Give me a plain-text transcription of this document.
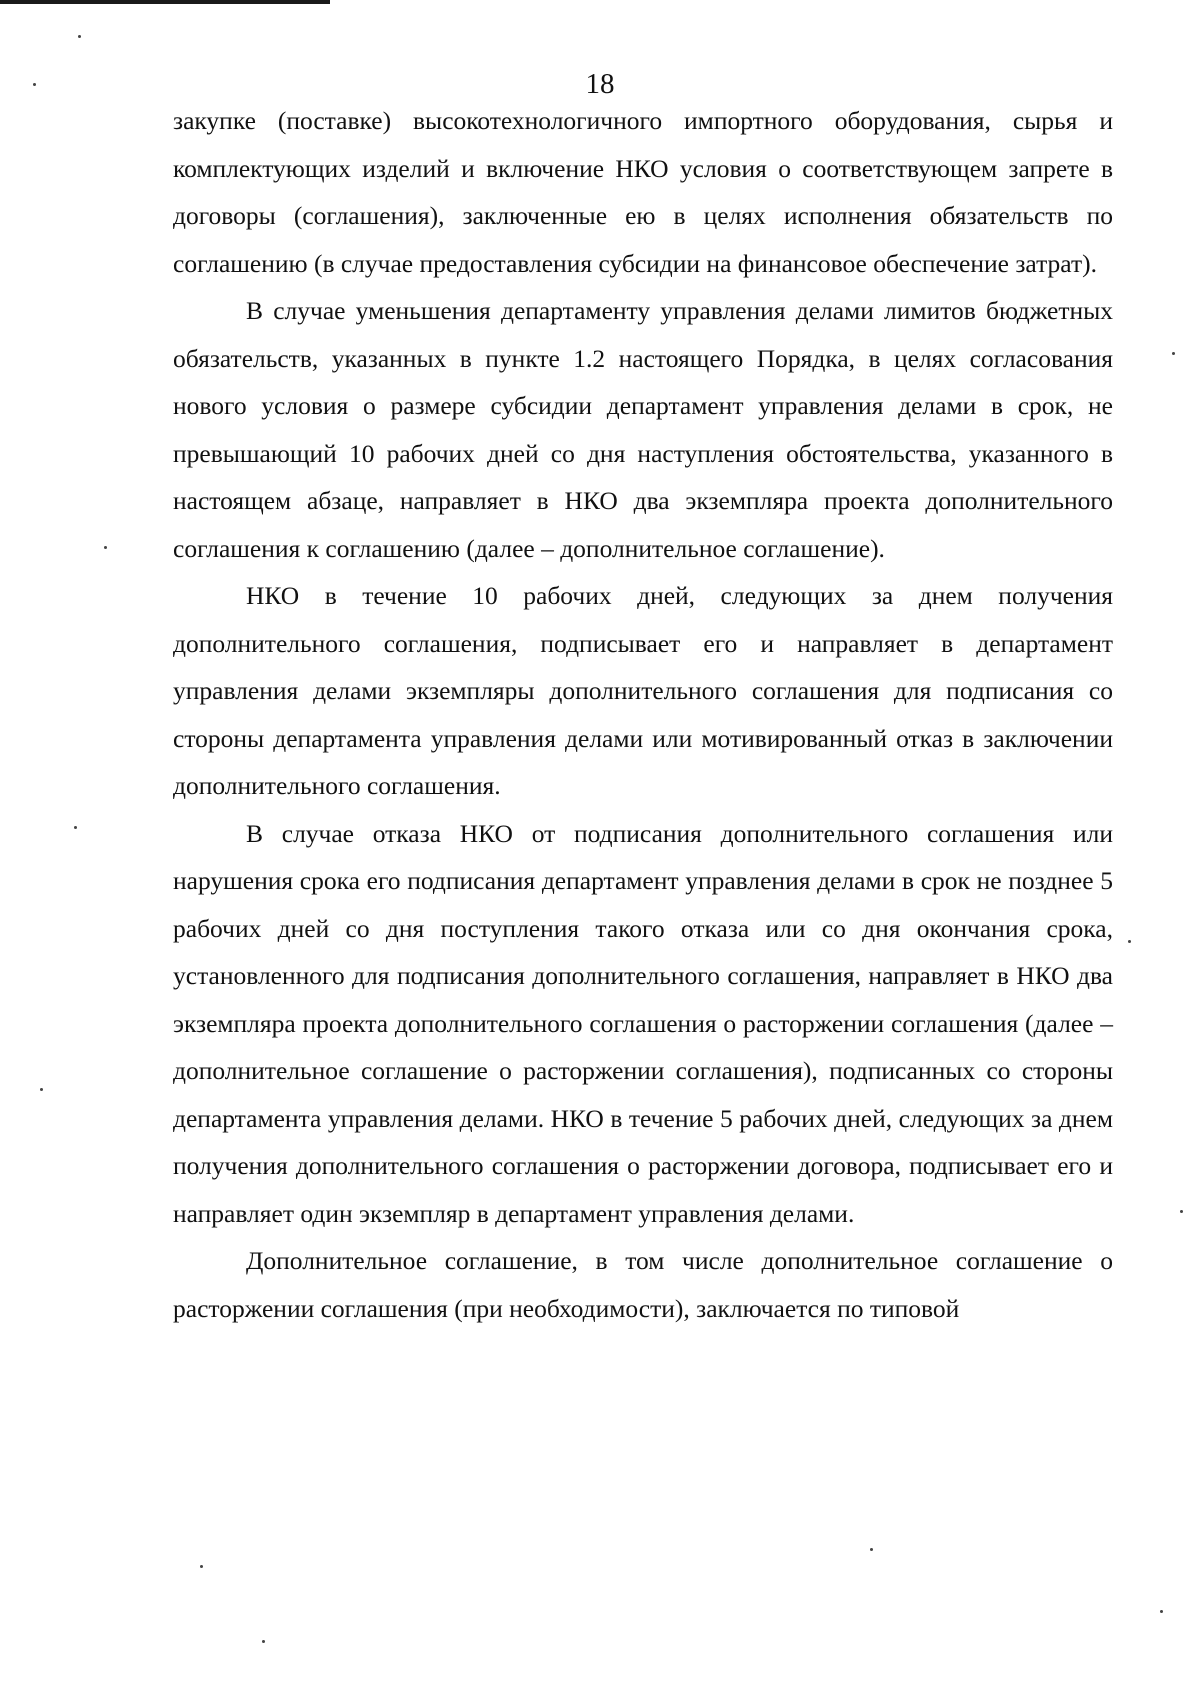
18

закупке (поставке) высокотехнологичного импортного оборудования, сырья и комплектующих изделий и включение НКО условия о соответствующем запрете в договоры (соглашения), заключенные ею в целях исполнения обязательств по соглашению (в случае предоставления субсидии на финансовое обеспечение затрат).

В случае уменьшения департаменту управления делами лимитов бюджетных обязательств, указанных в пункте 1.2 настоящего Порядка, в целях согласования нового условия о размере субсидии департамент управления делами в срок, не превышающий 10 рабочих дней со дня наступления обстоятельства, указанного в настоящем абзаце, направляет в НКО два экземпляра проекта дополнительного соглашения к соглашению (далее – дополнительное соглашение).

НКО в течение 10 рабочих дней, следующих за днем получения дополнительного соглашения, подписывает его и направляет в департамент управления делами экземпляры дополнительного соглашения для подписания со стороны департамента управления делами или мотивированный отказ в заключении дополнительного соглашения.

В случае отказа НКО от подписания дополнительного соглашения или нарушения срока его подписания департамент управления делами в срок не позднее 5 рабочих дней со дня поступления такого отказа или со дня окончания срока, установленного для подписания дополнительного соглашения, направляет в НКО два экземпляра проекта дополнительного соглашения о расторжении соглашения (далее – дополнительное соглашение о расторжении соглашения), подписанных со стороны департамента управления делами. НКО в течение 5 рабочих дней, следующих за днем получения дополнительного соглашения о расторжении договора, подписывает его и направляет один экземпляр в департамент управления делами.

Дополнительное соглашение, в том числе дополнительное соглашение о расторжении соглашения (при необходимости), заключается по типовой
